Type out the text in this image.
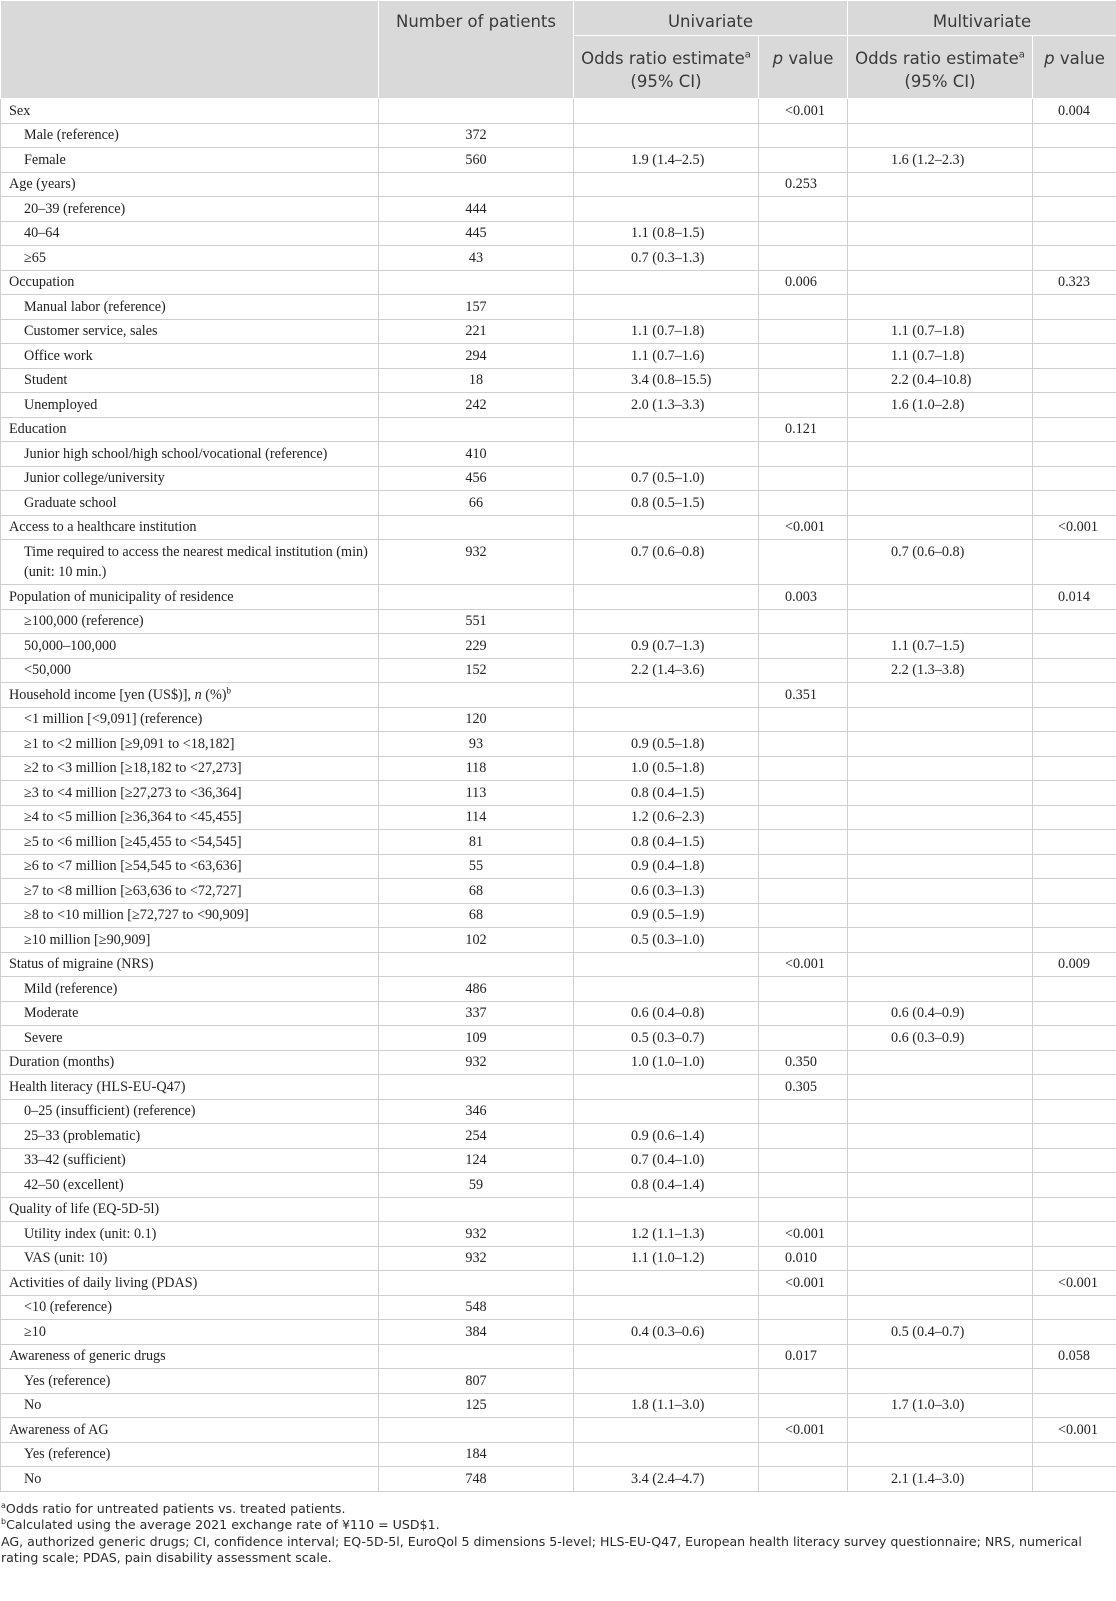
	Number of patients	Univariate		Multivariate	
		Odds ratio estimate$^a$ (95% CI)	p value	Odds ratio estimate$^a$ (95% CI)	p value
Sex			<0.001		0.004
Male (reference)	372				
Female	560	1.9 (1.4–2.5)		1.6 (1.2–2.3)	
Age (years)			0.253		
20–39 (reference)	444				
40–64	445	1.1 (0.8–1.5)			
≥65	43	0.7 (0.3–1.3)			
Occupation			0.006		0.323
Manual labor (reference)	157				
Customer service, sales	221	1.1 (0.7–1.8)		1.1 (0.7–1.8)	
Office work	294	1.1 (0.7–1.6)		1.1 (0.7–1.8)	
Student	18	3.4 (0.8–15.5)		2.2 (0.4–10.8)	
Unemployed	242	2.0 (1.3–3.3)		1.6 (1.0–2.8)	
Education			0.121		
Junior high school/high school/vocational (reference)	410				
Junior college/university	456	0.7 (0.5–1.0)			
Graduate school	66	0.8 (0.5–1.5)			
Access to a healthcare institution			<0.001		<0.001
Time required to access the nearest medical institution (min) (unit: 10 min.)	932	0.7 (0.6–0.8)		0.7 (0.6–0.8)	
Population of municipality of residence			0.003		0.014
≥100,000 (reference)	551				
50,000–100,000	229	0.9 (0.7–1.3)		1.1 (0.7–1.5)	
<50,000	152	2.2 (1.4–3.6)		2.2 (1.3–3.8)	
Household income [yen (US$)], n (%)$^b$			0.351		
<1 million [<9,091] (reference)	120				
≥1 to <2 million [≥9,091 to <18,182]	93	0.9 (0.5–1.8)			
≥2 to <3 million [≥18,182 to <27,273]	118	1.0 (0.5–1.8)			
≥3 to <4 million [≥27,273 to <36,364]	113	0.8 (0.4–1.5)			
≥4 to <5 million [≥36,364 to <45,455]	114	1.2 (0.6–2.3)			
≥5 to <6 million [≥45,455 to <54,545]	81	0.8 (0.4–1.5)			
≥6 to <7 million [≥54,545 to <63,636]	55	0.9 (0.4–1.8)			
≥7 to <8 million [≥63,636 to <72,727]	68	0.6 (0.3–1.3)			
≥8 to <10 million [≥72,727 to <90,909]	68	0.9 (0.5–1.9)			
≥10 million [≥90,909]	102	0.5 (0.3–1.0)			
Status of migraine (NRS)			<0.001		0.009
Mild (reference)	486				
Moderate	337	0.6 (0.4–0.8)		0.6 (0.4–0.9)	
Severe	109	0.5 (0.3–0.7)		0.6 (0.3–0.9)	
Duration (months)	932	1.0 (1.0–1.0)	0.350		
Health literacy (HLS-EU-Q47)			0.305		
0–25 (insufficient) (reference)	346				
25–33 (problematic)	254	0.9 (0.6–1.4)			
33–42 (sufficient)	124	0.7 (0.4–1.0)			
42–50 (excellent)	59	0.8 (0.4–1.4)			
Quality of life (EQ-5D-5l)					
Utility index (unit: 0.1)	932	1.2 (1.1–1.3)	<0.001		
VAS (unit: 10)	932	1.1 (1.0–1.2)	0.010		
Activities of daily living (PDAS)			<0.001		<0.001
<10 (reference)	548				
≥10	384	0.4 (0.3–0.6)		0.5 (0.4–0.7)	
Awareness of generic drugs			0.017		0.058
Yes (reference)	807				
No	125	1.8 (1.1–3.0)		1.7 (1.0–3.0)	
Awareness of AG			<0.001		<0.001
Yes (reference)	184				
No	748	3.4 (2.4–4.7)		2.1 (1.4–3.0)	

$^a$Odds ratio for untreated patients vs. treated patients.

$^b$Calculated using the average 2021 exchange rate of ¥110 = USD$1.

AG, authorized generic drugs; CI, confidence interval; EQ-5D-5l, EuroQol 5 dimensions 5-level; HLS-EU-Q47, European health literacy survey questionnaire; NRS, numerical rating scale; PDAS, pain disability assessment scale.
